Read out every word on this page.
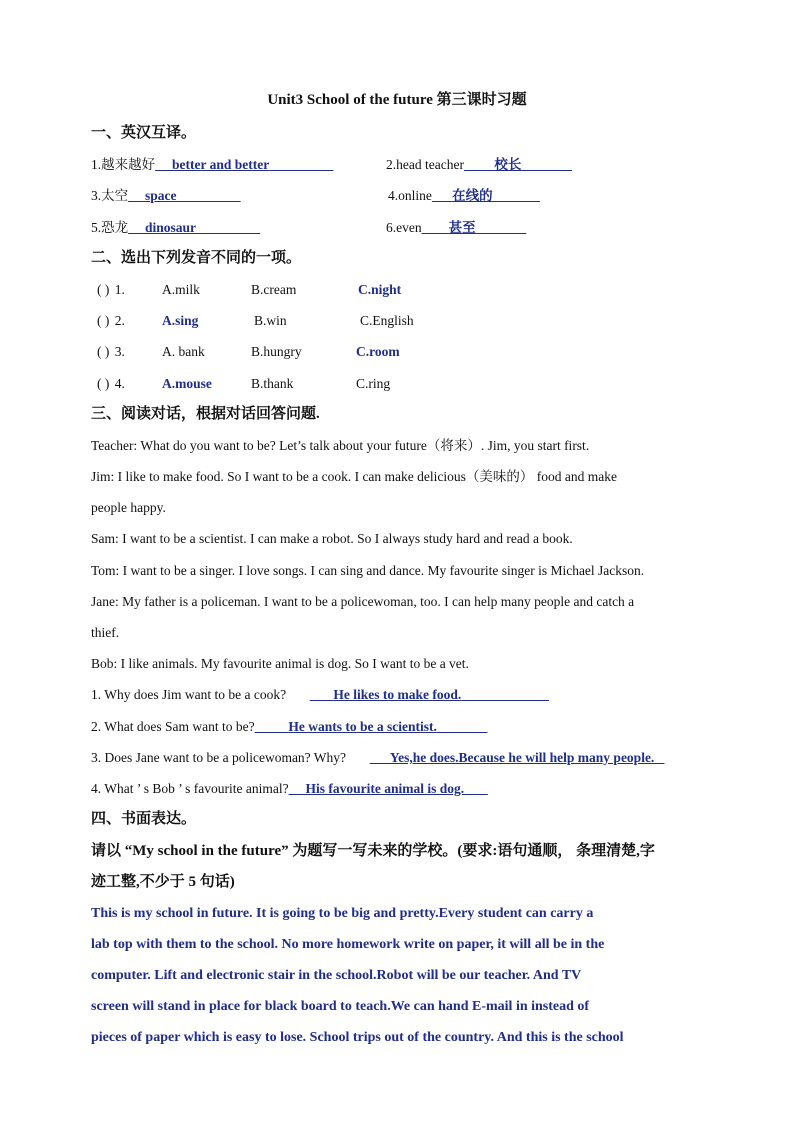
Unit3 School of the future 第三课时习题
一、英汉互译。
1.越来越好 better and better	2.head teacher 校长
3.太空 space	4.online 在线的
5.恐龙 dinosaur	6.even 甚至
二、选出下列发音不同的一项。
( ) 1.	A.milk	B.cream	C.night
( ) 2.	A.sing	B.win	C.English
( ) 3.	A. bank	B.hungry	C.room
( ) 4.	A.mouse	B.thank	C.ring
三、阅读对话，根据对话回答问题.
Teacher: What do you want to be? Let’s talk about your future（将来）. Jim, you start first.
Jim: I like to make food. So I want to be a cook. I can make delicious（美味的） food and make
people happy.
Sam: I want to be a scientist. I can make a robot. So I always study hard and read a book.
Tom: I want to be a singer. I love songs. I can sing and dance. My favourite singer is Michael Jackson.
Jane: My father is a policeman. I want to be a policewoman, too. I can help many people and catch a
thief.
Bob: I like animals. My favourite animal is dog. So I want to be a vet.
1. Why does Jim want to be a cook?	He likes to make food.
2. What does Sam want to be?	He wants to be a scientist.
3. Does Jane want to be a policewoman? Why?	Yes,he does.Because he will help many people.
4. What ’ s Bob ’ s favourite animal? His favourite animal is dog.
四、书面表达。
请以 “My school in the future” 为题写一写未来的学校。(要求:语句通顺， 条理清楚,字
迹工整,不少于 5 句话)
This is my school in future. It is going to be big and pretty.Every student can carry a
lab top with them to the school. No more homework write on paper, it will all be in the
computer. Lift and electronic stair in the school.Robot will be our teacher. And TV
screen will stand in place for black board to teach.We can hand E-mail in instead of
pieces of paper which is easy to lose. School trips out of the country. And this is the school
